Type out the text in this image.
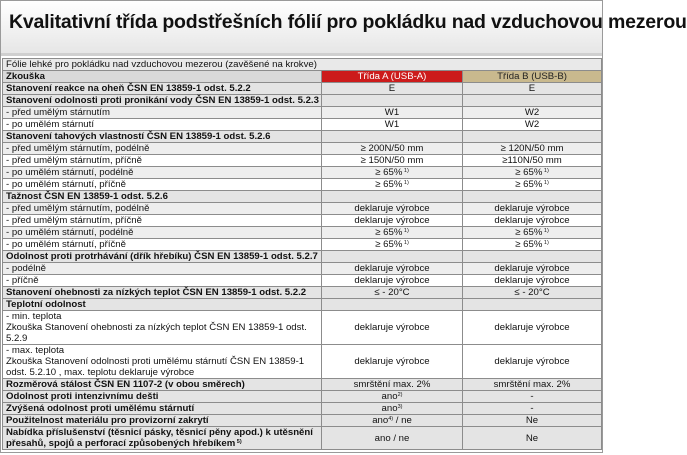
Kvalitativní třída podstřešních fólií pro pokládku nad vzduchovou mezerou
Fólie lehké pro pokládku nad vzduchovou mezerou (zavěšené na krokve)		
Zkouška	Třída A (USB-A)	Třída B (USB-B)
Stanovení reakce na oheň ČSN EN 13859-1 odst. 5.2.2	E	E
Stanovení odolnosti proti pronikání vody ČSN EN 13859-1 odst. 5.2.3		
- před umělým stárnutím	W1	W2
- po umělém stárnutí	W1	W2
Stanovení tahových vlastností ČSN EN 13859-1 odst. 5.2.6		
- před umělým stárnutím, podélně	≥ 200N/50 mm	≥ 120N/50 mm
- před umělým stárnutím, příčně	≥ 150N/50 mm	≥110N/50 mm
- po umělém stárnutí, podélně	≥ 65% $^{1)}$	≥ 65% $^{1)}$
- po umělém stárnutí, příčně	≥ 65% $^{1)}$	≥ 65% $^{1)}$
Tažnost ČSN EN 13859-1 odst. 5.2.6		
- před umělým stárnutím, podélně	deklaruje výrobce	deklaruje výrobce
- před umělým stárnutím, příčně	deklaruje výrobce	deklaruje výrobce
- po umělém stárnutí, podélně	≥ 65% $^{1)}$	≥ 65% $^{1)}$
- po umělém stárnutí, příčně	≥ 65% $^{1)}$	≥ 65% $^{1)}$
Odolnost proti protrhávání (dřík hřebíku) ČSN EN 13859-1 odst. 5.2.7		
- podélně	deklaruje výrobce	deklaruje výrobce
- příčně	deklaruje výrobce	deklaruje výrobce
Stanovení ohebnosti za nízkých teplot ČSN EN 13859-1 odst. 5.2.2	≤ - 20°C	≤ - 20°C
Teplotní odolnost		

- min. teplota
Zkouška Stanovení ohebnosti za nízkých teplot ČSN EN 13859-1 odst.
5.2.9	deklaruje výrobce	deklaruje výrobce

- max. teplota
Zkouška Stanovení odolnosti proti umělému stárnutí ČSN EN 13859-1
odst. 5.2.10 , max. teplotu deklaruje výrobce	deklaruje výrobce	deklaruje výrobce
Rozměrová stálost ČSN EN 1107-2 (v obou směrech)	smrštění max. 2%	smrštění max. 2%
Odolnost proti intenzivnímu dešti	ano$^{2)}$	-
Zvýšená odolnost proti umělému stárnutí	ano$^{3)}$	-
Použitelnost materiálu pro provizorní zakrytí	ano$^{4)}$ / ne	Ne

Nabídka příslušenství (těsnicí pásky, těsnicí pěny apod.) k utěsnění
přesahů, spojů a perforací způsobených hřebíkem $^{5)}$	ano / ne	Ne
